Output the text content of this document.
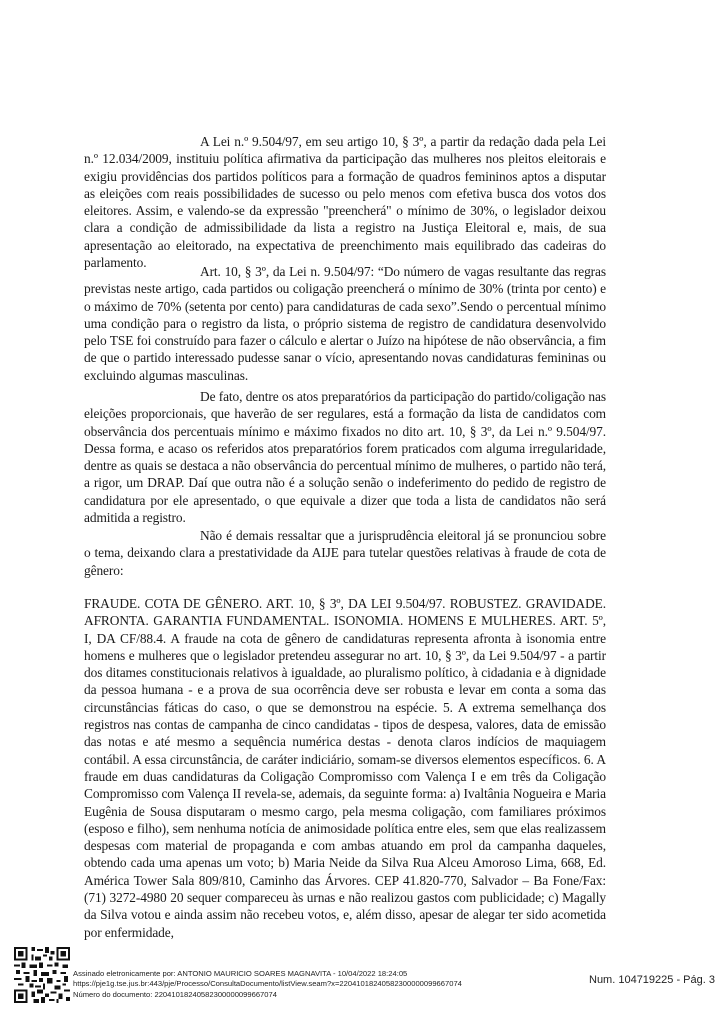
A Lei n.º 9.504/97, em seu artigo 10, § 3º, a partir da redação dada pela Lei n.º 12.034/2009, instituiu política afirmativa da participação das mulheres nos pleitos eleitorais e exigiu providências dos partidos políticos para a formação de quadros femininos aptos a disputar as eleições com reais possibilidades de sucesso ou pelo menos com efetiva busca dos votos dos eleitores. Assim, e valendo-se da expressão "preencherá" o mínimo de 30%, o legislador deixou clara a condição de admissibilidade da lista a registro na Justiça Eleitoral e, mais, de sua apresentação ao eleitorado, na expectativa de preenchimento mais equilibrado das cadeiras do parlamento.

Art. 10, § 3º, da Lei n. 9.504/97: “Do número de vagas resultante das regras previstas neste artigo, cada partidos ou coligação preencherá o mínimo de 30% (trinta por cento) e o máximo de 70% (setenta por cento) para candidaturas de cada sexo”.Sendo o percentual mínimo uma condição para o registro da lista, o próprio sistema de registro de candidatura desenvolvido pelo TSE foi construído para fazer o cálculo e alertar o Juízo na hipótese de não observância, a fim de que o partido interessado pudesse sanar o vício, apresentando novas candidaturas femininas ou excluindo algumas masculinas.

De fato, dentre os atos preparatórios da participação do partido/coligação nas eleições proporcionais, que haverão de ser regulares, está a formação da lista de candidatos com observância dos percentuais mínimo e máximo fixados no dito art. 10, § 3º, da Lei n.º 9.504/97. Dessa forma, e acaso os referidos atos preparatórios forem praticados com alguma irregularidade, dentre as quais se destaca a não observância do percentual mínimo de mulheres, o partido não terá, a rigor, um DRAP. Daí que outra não é a solução senão o indeferimento do pedido de registro de candidatura por ele apresentado, o que equivale a dizer que toda a lista de candidatos não será admitida a registro.

Não é demais ressaltar que a jurisprudência eleitoral já se pronunciou sobre o tema, deixando clara a prestatividade da AIJE para tutelar questões relativas à fraude de cota de gênero:

FRAUDE. COTA DE GÊNERO. ART. 10, § 3º, DA LEI 9.504/97. ROBUSTEZ. GRAVIDADE. AFRONTA. GARANTIA FUNDAMENTAL. ISONOMIA. HOMENS E MULHERES. ART. 5º, I, DA CF/88.4. A fraude na cota de gênero de candidaturas representa afronta à isonomia entre homens e mulheres que o legislador pretendeu assegurar no art. 10, § 3º, da Lei 9.504/97 - a partir dos ditames constitucionais relativos à igualdade, ao pluralismo político, à cidadania e à dignidade da pessoa humana - e a prova de sua ocorrência deve ser robusta e levar em conta a soma das circunstâncias fáticas do caso, o que se demonstrou na espécie. 5. A extrema semelhança dos registros nas contas de campanha de cinco candidatas - tipos de despesa, valores, data de emissão das notas e até mesmo a sequência numérica destas - denota claros indícios de maquiagem contábil. A essa circunstância, de caráter indiciário, somam-se diversos elementos específicos. 6. A fraude em duas candidaturas da Coligação Compromisso com Valença I e em três da Coligação Compromisso com Valença II revela-se, ademais, da seguinte forma: a) Ivaltânia Nogueira e Maria Eugênia de Sousa disputaram o mesmo cargo, pela mesma coligação, com familiares próximos (esposo e filho), sem nenhuma notícia de animosidade política entre eles, sem que elas realizassem despesas com material de propaganda e com ambas atuando em prol da campanha daqueles, obtendo cada uma apenas um voto; b) Maria Neide da Silva Rua Alceu Amoroso Lima, 668, Ed. América Tower Sala 809/810, Caminho das Árvores. CEP 41.820-770, Salvador – Ba Fone/Fax: (71) 3272-4980 20 sequer compareceu às urnas e não realizou gastos com publicidade; c) Magally da Silva votou e ainda assim não recebeu votos, e, além disso, apesar de alegar ter sido acometida por enfermidade,

Assinado eletronicamente por: ANTONIO MAURICIO SOARES MAGNAVITA - 10/04/2022 18:24:05
https://pje1g.tse.jus.br:443/pje/Processo/ConsultaDocumento/listView.seam?x=22041018240582300000099667074
Número do documento: 22041018240582300000099667074
Num. 104719225 - Pág. 3
